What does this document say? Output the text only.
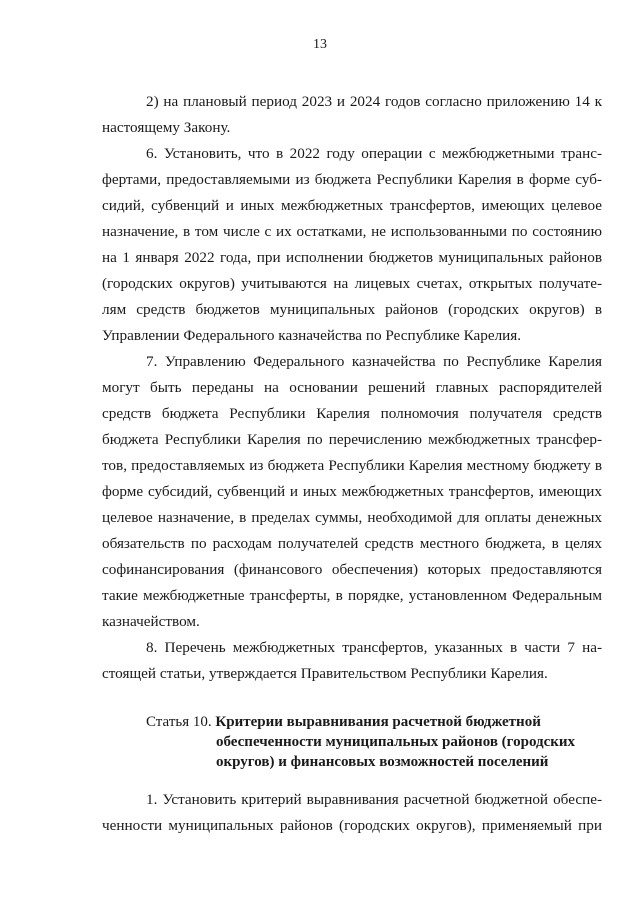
13
2) на плановый период 2023 и 2024 годов согласно приложению 14 к
настоящему Закону.
6. Установить, что в 2022 году операции с межбюджетными транс-
фертами, предоставляемыми из бюджета Республики Карелия в форме суб-
сидий, субвенций и иных межбюджетных трансфертов, имеющих целевое
назначение, в том числе с их остатками, не использованными по состоянию
на 1 января 2022 года, при исполнении бюджетов муниципальных районов
(городских округов) учитываются на лицевых счетах, открытых получате-
лям средств бюджетов муниципальных районов (городских округов) в
Управлении Федерального казначейства по Республике Карелия.
7. Управлению Федерального казначейства по Республике Карелия
могут быть переданы на основании решений главных распорядителей
средств бюджета Республики Карелия полномочия получателя средств
бюджета Республики Карелия по перечислению межбюджетных трансфер-
тов, предоставляемых из бюджета Республики Карелия местному бюджету в
форме субсидий, субвенций и иных межбюджетных трансфертов, имеющих
целевое назначение, в пределах суммы, необходимой для оплаты денежных
обязательств по расходам получателей средств местного бюджета, в целях
софинансирования (финансового обеспечения) которых предоставляются
такие межбюджетные трансферты, в порядке, установленном Федеральным
казначейством.
8. Перечень межбюджетных трансфертов, указанных в части 7 на-
стоящей статьи, утверждается Правительством Республики Карелия.
Статья 10. Критерии выравнивания расчетной бюджетной
обеспеченности муниципальных районов (городских
округов) и финансовых возможностей поселений
1. Установить критерий выравнивания расчетной бюджетной обеспе-
ченности муниципальных районов (городских округов), применяемый при
